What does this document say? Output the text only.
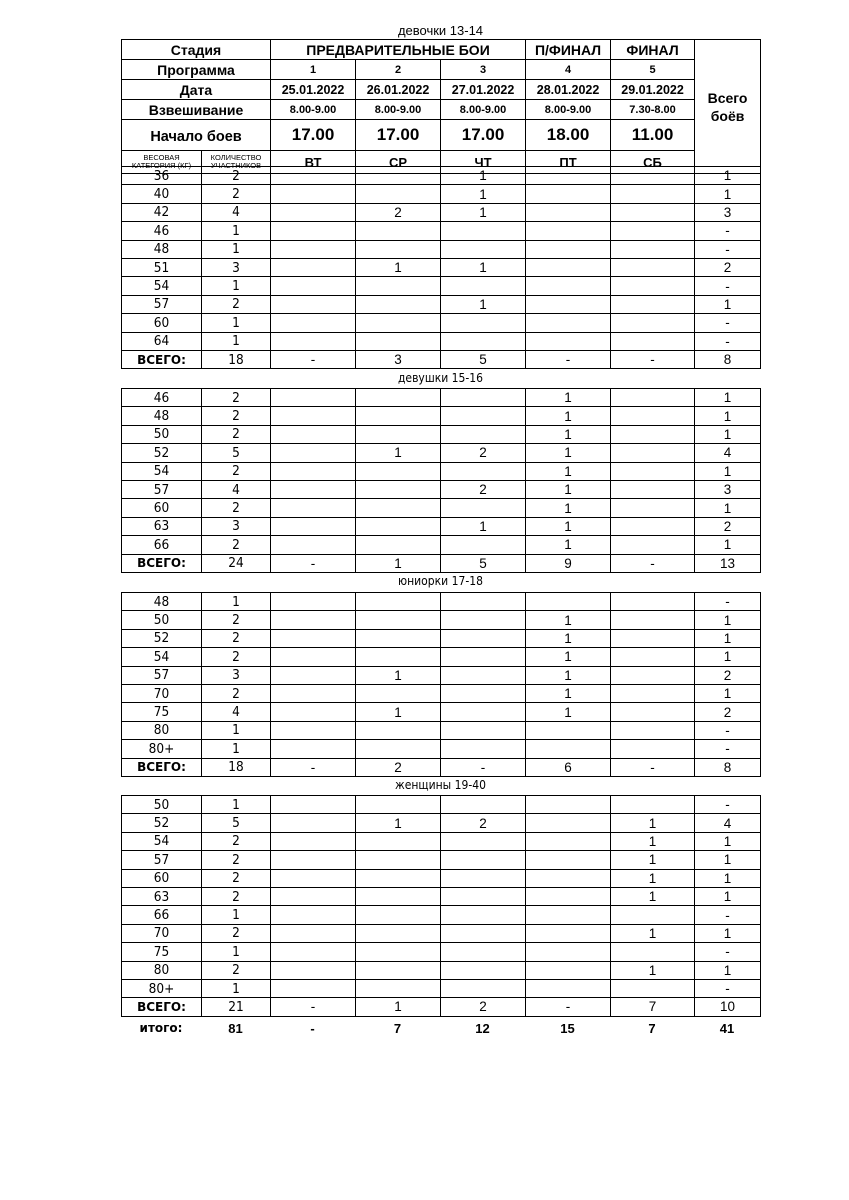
девочки 13-14
Стадия		ПРЕДВАРИТЕЛЬНЫЕ БОИ			П/ФИНАЛ	ФИНАЛ	Всего боёв
Программа		1	2	3	4	5	
Дата		25.01.2022	26.01.2022	27.01.2022	28.01.2022	29.01.2022	
Взвешивание		8.00-9.00	8.00-9.00	8.00-9.00	8.00-9.00	7.30-8.00	
Начало боев		17.00	17.00	17.00	18.00	11.00	
ВЕСОВАЯ КАТЕГОРИЯ (КГ)	КОЛИЧЕСТВО УЧАСТНИКОВ	ВТ	СР	ЧТ	ПТ	СБ	
36	2			1			1
40	2			1			1
42	4		2	1			3
46	1						-
48	1						-
51	3		1	1			2
54	1						-
57	2			1			1
60	1						-
64	1						-
ВСЕГО:	18	-	3	5	-	-	8
девушки 15-16
46	2				1		1
48	2				1		1
50	2				1		1
52	5		1	2	1		4
54	2				1		1
57	4			2	1		3
60	2				1		1
63	3			1	1		2
66	2				1		1
ВСЕГО:	24	-	1	5	9	-	13
юниорки 17-18
48	1						-
50	2				1		1
52	2				1		1
54	2				1		1
57	3		1		1		2
70	2				1		1
75	4		1		1		2
80	1						-
80+	1						-
ВСЕГО:	18	-	2	-	6	-	8
женщины 19-40
50	1						-
52	5		1	2		1	4
54	2					1	1
57	2					1	1
60	2					1	1
63	2					1	1
66	1						-
70	2					1	1
75	1						-
80	2					1	1
80+	1						-
ВСЕГО:	21	-	1	2	-	7	10
итого:	81	-	7	12	15	7	41
